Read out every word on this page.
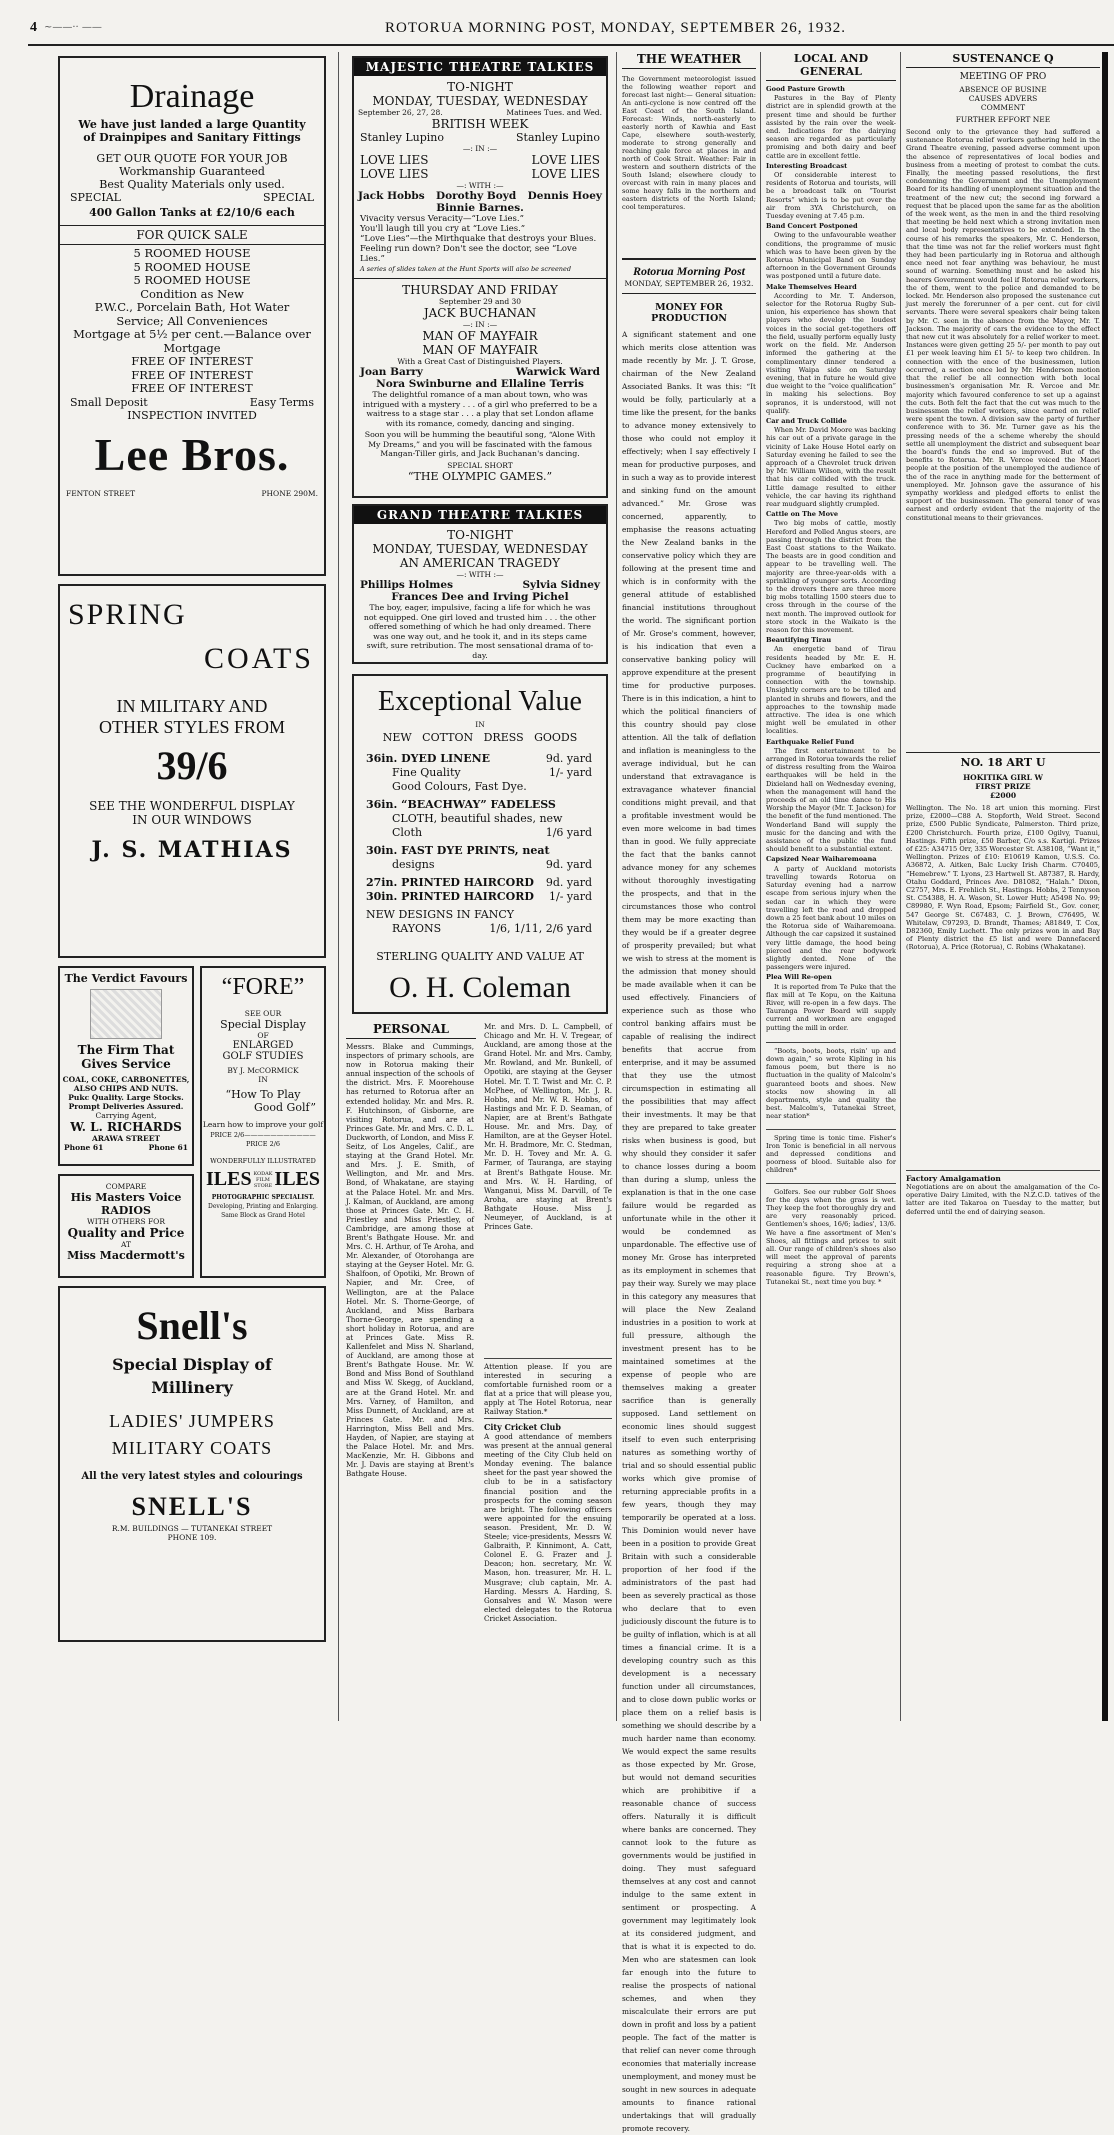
4 ~——·· ——	ROTORUA MORNING POST, MONDAY, SEPTEMBER 26, 1932.
Drainage
We have just landed a large Quantity
of Drainpipes and Sanitary Fittings
GET OUR QUOTE FOR YOUR JOB
Workmanship Guaranteed
Best Quality Materials only used.
SPECIAL	SPECIAL
400 Gallon Tanks at £2/10/6 each
FOR QUICK SALE
5 ROOMED HOUSE
5 ROOMED HOUSE
5 ROOMED HOUSE
Condition as New
P.W.C., Porcelain Bath, Hot Water
Service; All Conveniences
Mortgage at 5½ per cent.—Balance over
Mortgage
FREE OF INTEREST
FREE OF INTEREST
FREE OF INTEREST
Small Deposit	Easy Terms
INSPECTION INVITED
Lee Bros.
FENTON STREET	PHONE 290M.
SPRING
COATS
IN MILITARY AND
OTHER STYLES FROM
39/6
SEE THE WONDERFUL DISPLAY
IN OUR WINDOWS
J. S. MATHIAS
The Verdict Favours
The Firm That
Gives Service
COAL, COKE, CARBONETTES,
ALSO CHIPS AND NUTS.
Pukc Quality. Large Stocks.
Prompt Deliveries Assured.
Carrying Agent,
W. L. RICHARDS
ARAWA STREET
Phone 61	Phone 61
COMPARE
His Masters Voice
RADIOS
WITH OTHERS FOR
Quality and Price
AT
Miss Macdermott's
“FORE”
SEE OUR
Special Display
OF
ENLARGED
GOLF STUDIES
BY J. McCORMICK
IN
“How To Play
Good Golf”
Learn how to improve your golf
PRICE 2/6———————————PRICE 2/6
WONDERFULLY ILLUSTRATED
ILES KODAK FILM STORE ILES
PHOTOGRAPHIC SPECIALIST.
Developing, Printing and Enlarging.
Same Block as Grand Hotel
Snell's
Special Display of
Millinery
LADIES' JUMPERS
MILITARY COATS
All the very latest styles and colourings
SNELL'S
R.M. BUILDINGS — TUTANEKAI STREET
PHONE 109.
MAJESTIC THEATRE TALKIES
TO-NIGHT
MONDAY, TUESDAY, WEDNESDAY
September 26, 27, 28.	Matinees Tues. and Wed.
BRITISH WEEK
Stanley Lupino	Stanley Lupino
—: IN :—
LOVE LIES	LOVE LIES
LOVE LIES	LOVE LIES
—: WITH :—
Jack Hobbs Dorothy Boyd Dennis Hoey
Binnie Barnes.
Vivacity versus Veracity—“Love Lies.”
You'll laugh till you cry at “Love Lies.”
“Love Lies”—the Mirthquake that destroys your Blues.
Feeling run down? Don't see the doctor, see “Love Lies.”
A series of slides taken at the Hunt Sports will also be screened
THURSDAY AND FRIDAY
September 29 and 30
JACK BUCHANAN
—: IN :—
MAN OF MAYFAIR
MAN OF MAYFAIR
With a Great Cast of Distinguished Players.
Joan Barry	Warwick Ward
Nora Swinburne and Ellaline Terris
The delightful romance of a man about town, who was intrigued with a mystery . . . of a girl who preferred to be a waitress to a stage star . . . a play that set London aflame with its romance, comedy, dancing and singing.
Soon you will be humming the beautiful song, “Alone With My Dreams,” and you will be fascinated with the famous Mangan-Tiller girls, and Jack Buchanan's dancing.
SPECIAL SHORT
“THE OLYMPIC GAMES.”
GRAND THEATRE TALKIES
TO-NIGHT
MONDAY, TUESDAY, WEDNESDAY
AN AMERICAN TRAGEDY
—: WITH :—
Phillips Holmes	Sylvia Sidney
Frances Dee and Irving Pichel
The boy, eager, impulsive, facing a life for which he was not equipped. One girl loved and trusted him . . . the other offered something of which he had only dreamed. There was one way out, and he took it, and in its steps came swift, sure retribution. The most sensational drama of to-day.
Exceptional Value
IN
NEW   COTTON   DRESS   GOODS
36in. DYED LINENE	9d. yard
Fine Quality	1/- yard
Good Colours, Fast Dye.
36in. “BEACHWAY” FADELESS
CLOTH, beautiful shades, new
Cloth	1/6 yard
30in. FAST DYE PRINTS, neat
designs	9d. yard
27in. PRINTED HAIRCORD 9d. yard
30in. PRINTED HAIRCORD 1/- yard
NEW DESIGNS IN FANCY
RAYONS	1/6, 1/11, 2/6 yard
STERLING QUALITY AND VALUE AT
O. H. Coleman
PERSONAL
Messrs. Blake and Cummings, inspectors of primary schools, are now in Rotorua making their annual inspection of the schools of the district. Mrs. F. Moorehouse has returned to Rotorua after an extended holiday. Mr. and Mrs. R. F. Hutchinson, of Gisborne, are visiting Rotorua, and are at Princes Gate. Mr. and Mrs. C. D. L. Duckworth, of London, and Miss F. Seitz, of Los Angeles, Calif., are staying at the Grand Hotel. Mr. and Mrs. J. E. Smith, of Wellington, and Mr. and Mrs. Bond, of Whakatane, are staying at the Palace Hotel. Mr. and Mrs. J. Kalman, of Auckland, are among those at Princes Gate. Mr. C. H. Priestley and Miss Priestley, of Cambridge, are among those at Brent's Bathgate House. Mr. and Mrs. C. H. Arthur, of Te Aroha, and Mr. Alexander, of Otorohanga are staying at the Geyser Hotel. Mr. G. Shalfoon, of Opotiki, Mr. Brown of Napier, and Mr. Cree, of Wellington, are at the Palace Hotel. Mr. S. Thorne-George, of Auckland, and Miss Barbara Thorne-George, are spending a short holiday in Rotorua, and are at Princes Gate. Miss R. Kallenfelet and Miss N. Sharland, of Auckland, are among those at Brent's Bathgate House. Mr. W. Bond and Miss Bond of Southland and Miss W. Skegg, of Auckland, are at the Grand Hotel. Mr. and Mrs. Varney, of Hamilton, and Miss Dunnett, of Auckland, are at Princes Gate. Mr. and Mrs. Harrington, Miss Bell and Mrs. Hayden, of Napier, are staying at the Palace Hotel. Mr. and Mrs. MacKenzie, Mr. H. Gibbons and Mr. J. Davis are staying at Brent's Bathgate House.
Mr. and Mrs. D. L. Campbell, of Chicago and Mr. H. V. Tregear, of Auckland, are among those at the Grand Hotel. Mr. and Mrs. Camby, Mr. Rowland, and Mr. Bunkell, of Opotiki, are staying at the Geyser Hotel. Mr. T. T. Twist and Mr. C. P. McPhee, of Wellington, Mr. J. R. Hobbs, and Mr. W. R. Hobbs, of Hastings and Mr. F. D. Seaman, of Napier, are at Brent's Bathgate House. Mr. and Mrs. Day, of Hamilton, are at the Geyser Hotel. Mr. H. Bradmore, Mr. C. Stedman, Mr. D. H. Tovey and Mr. A. G. Farmer, of Tauranga, are staying at Brent's Bathgate House. Mr. and Mrs. W. H. Harding, of Wanganui, Miss M. Darvill, of Te Aroha, are staying at Brent's Bathgate House. Miss J. Neumeyer, of Auckland, is at Princes Gate.
Attention please. If you are interested in securing a comfortable furnished room or a flat at a price that will please you, apply at The Hotel Rotorua, near Railway Station.*
City Cricket Club
A good attendance of members was present at the annual general meeting of the City Club held on Monday evening. The balance sheet for the past year showed the club to be in a satisfactory financial position and the prospects for the coming season are bright. The following officers were appointed for the ensuing season. President, Mr. D. W. Steele; vice-presidents, Messrs W. Galbraith, P. Kinnimont, A. Catt, Colonel E. G. Frazer and J. Deacon; hon. secretary, Mr. W. Mason, hon. treasurer, Mr. H. L. Musgrave; club captain, Mr. A. Harding. Messrs A. Harding, S. Gonsalves and W. Mason were elected delegates to the Rotorua Cricket Association.
THE WEATHER
The Government meteorologist issued the following weather report and forecast last night:— General situation: An anti-cyclone is now centred off the East Coast of the South Island. Forecast: Winds, north-easterly to easterly north of Kawhia and East Cape, elsewhere south-westerly, moderate to strong generally and reaching gale force at places in and north of Cook Strait. Weather: Fair in western and southern districts of the South Island; elsewhere cloudy to overcast with rain in many places and some heavy falls in the northern and eastern districts of the North Island; cool temperatures.
Rotorua Morning Post
MONDAY, SEPTEMBER 26, 1932.
MONEY FOR PRODUCTION
A significant statement and one which merits close attention was made recently by Mr. J. T. Grose, chairman of the New Zealand Associated Banks. It was this: “It would be folly, particularly at a time like the present, for the banks to advance money extensively to those who could not employ it effectively; when I say effectively I mean for productive purposes, and in such a way as to provide interest and sinking fund on the amount advanced.” Mr. Grose was concerned, apparently, to emphasise the reasons actuating the New Zealand banks in the conservative policy which they are following at the present time and which is in conformity with the general attitude of established financial institutions throughout the world. The significant portion of Mr. Grose's comment, however, is his indication that even a conservative banking policy will approve expenditure at the present time for productive purposes. There is in this indication, a hint to which the political financiers of this country should pay close attention. All the talk of deflation and inflation is meaningless to the average individual, but he can understand that extravagance is extravagance whatever financial conditions might prevail, and that a profitable investment would be even more welcome in bad times than in good. We fully appreciate the fact that the banks cannot advance money for any schemes without thoroughly investigating the prospects, and that in the circumstances those who control them may be more exacting than they would be if a greater degree of prosperity prevailed; but what we wish to stress at the moment is the admission that money should be made available when it can be used effectively. Financiers of experience such as those who control banking affairs must be capable of realising the indirect benefits that accrue from enterprise, and it may be assumed that they use the utmost circumspection in estimating all the possibilities that may affect their investments. It may be that they are prepared to take greater risks when business is good, but why should they consider it safer to chance losses during a boom than during a slump, unless the explanation is that in the one case failure would be regarded as unfortunate while in the other it would be condemned as unpardonable. The effective use of money Mr. Grose has interpreted as its employment in schemes that pay their way. Surely we may place in this category any measures that will place the New Zealand industries in a position to work at full pressure, although the investment present has to be maintained sometimes at the expense of people who are themselves making a greater sacrifice than is generally supposed. Land settlement on economic lines should suggest itself to even such enterprising natures as something worthy of trial and so should essential public works which give promise of returning appreciable profits in a few years, though they may temporarily be operated at a loss. This Dominion would never have been in a position to provide Great Britain with such a considerable proportion of her food if the administrators of the past had been as severely practical as those who declare that to even judiciously discount the future is to be guilty of inflation, which is at all times a financial crime. It is a developing country such as this development is a necessary function under all circumstances, and to close down public works or place them on a relief basis is something we should describe by a much harder name than economy. We would expect the same results as those expected by Mr. Grose, but would not demand securities which are prohibitive if a reasonable chance of success offers. Naturally it is difficult where banks are concerned. They cannot look to the future as governments would be justified in doing. They must safeguard themselves at any cost and cannot indulge to the same extent in sentiment or prospecting. A government may legitimately look at its considered judgment, and that is what it is expected to do. Men who are statesmen can look far enough into the future to realise the prospects of national schemes, and when they miscalculate their errors are put down in profit and loss by a patient people. The fact of the matter is that relief can never come through economies that materially increase unemployment, and money must be sought in new sources in adequate amounts to finance rational undertakings that will gradually promote recovery.
LOCAL AND GENERAL

Good Pasture Growth

Pastures in the Bay of Plenty district are in splendid growth at the present time and should be further assisted by the rain over the week-end. Indications for the dairying season are regarded as particularly promising and both dairy and beef cattle are in excellent fettle.

Interesting Broadcast

Of considerable interest to residents of Rotorua and tourists, will be a broadcast talk on “Tourist Resorts” which is to be put over the air from 3YA Christchurch, on Tuesday evening at 7.45 p.m.

Band Concert Postponed

Owing to the unfavourable weather conditions, the programme of music which was to have been given by the Rotorua Municipal Band on Sunday afternoon in the Government Grounds was postponed until a future date.

Make Themselves Heard

According to Mr. T. Anderson, selector for the Rotorua Rugby Sub-union, his experience has shown that players who develop the loudest voices in the social get-togethers off the field, usually perform equally lusty work on the field. Mr. Anderson informed the gathering at the complimentary dinner tendered a visiting Waipa side on Saturday evening, that in future he would give due weight to the “voice qualification” in making his selections. Boy sopranos, it is understood, will not qualify.

Car and Truck Collide

When Mr. David Moore was backing his car out of a private garage in the vicinity of Lake House Hotel early on Saturday evening he failed to see the approach of a Chevrolet truck driven by Mr. William Wilson, with the result that his car collided with the truck. Little damage resulted to either vehicle, the car having its righthand rear mudguard slightly crumpled.

Cattle on The Move

Two big mobs of cattle, mostly Hereford and Polled Angus steers, are passing through the district from the East Coast stations to the Waikato. The beasts are in good condition and appear to be travelling well. The majority are three-year-olds with a sprinkling of younger sorts. According to the drovers there are three more big mobs totalling 1500 steers due to cross through in the course of the next month. The improved outlook for store stock in the Waikato is the reason for this movement.

Beautifying Tirau

An energetic band of Tirau residents headed by Mr. E. H. Cuckney have embarked on a programme of beautifying in connection with the township. Unsightly corners are to be tilled and planted in shrubs and flowers, and the approaches to the township made attractive. The idea is one which might well be emulated in other localities.

Earthquake Relief Fund

The first entertainment to be arranged in Rotorua towards the relief of distress resulting from the Wairoa earthquakes will be held in the Dixieland hall on Wednesday evening, when the management will hand the proceeds of an old time dance to His Worship the Mayor (Mr. T. Jackson) for the benefit of the fund mentioned. The Wonderland Band will supply the music for the dancing and with the assistance of the public the fund should benefit to a substantial extent.

Capsized Near Waiharemoana

A party of Auckland motorists travelling towards Rotorua on Saturday evening had a narrow escape from serious injury when the sedan car in which they were travelling left the road and dropped down a 25 feet bank about 10 miles on the Rotorua side of Waiharemoana. Although the car capsized it sustained very little damage, the hood being pierced and the rear bodywork slightly dented. None of the passengers were injured.

Plea Will Re-open

It is reported from Te Puke that the flax mill at Te Kopu, on the Kaituna River, will re-open in a few days. The Tauranga Power Board will supply current and workmen are engaged putting the mill in order.

“Boots, boots, boots, risin' up and down again,” so wrote Kipling in his famous poem, but there is no fluctuation in the quality of Malcolm's guaranteed boots and shoes. New stocks now showing in all departments, style and quality the best. Malcolm's, Tutanekai Street, near station*

Spring time is tonic time. Fisher's Iron Tonic is beneficial in all nervous and depressed conditions and poorness of blood. Suitable also for children*

Golfers. See our rubber Golf Shoes for the days when the grass is wet. They keep the foot thoroughly dry and are very reasonably priced. Gentlemen's shoes, 16/6; ladies', 13/6. We have a fine assortment of Men's Shoes, all fittings and prices to suit all. Our range of children's shoes also will meet the approval of parents requiring a strong shoe at a reasonable figure. Try Brown's, Tutanekai St., next time you buy. *

SUSTENANCE Q
MEETING OF PRO
ABSENCE OF BUSINE
CAUSES ADVERS
COMMENT
FURTHER EFFORT NEE
Second only to the grievance they had suffered a sustenance Rotorua relief workers gathering held in the Grand Theatre evening, passed adverse comment upon the absence of representatives of local bodies and business from a meeting of protest to combat the cuts. Finally, the meeting passed resolutions, the first condemning the Government and the Unemployment Board for its handling of unemployment situation and the treatment of the new cut; the second ing forward a request that be placed upon the same far as the abolition of the week went, as the men in and the third resolving that meeting be held next which a strong invitation men and local body representatives to be extended. In the course of his remarks the speakers, Mr. C. Henderson, that the time was not far the relief workers must fight they had been particularly ing in Rotorua and although ence need not fear anything was behaviour, he must sound of warning. Something must and he asked his hearers Government would feel if Rotorua relief workers, the of them, went to the police and demanded to be locked. Mr. Henderson also proposed the sustenance cut just merely the forerunner of a per cent. cut for civil servants. There were several speakers chair being taken by Mr. C. seen in the absence from the Mayor, Mr. T. Jackson. The majority of cars the evidence to the effect that new cut it was absolutely for a relief worker to meet. Instances were given getting 25 5/- per month to pay out £1 per week leaving him £1 5/- to keep two children. In connection with the ence of the businessmen, lution occurred, a section once led by Mr. Henderson motion that the relief be all connection with both local businessmen's organisation Mr. R. Vercoe and Mr. majority which favoured conference to set up a against the cuts. Both felt the fact that the cut was much to the businessmen the relief workers, since earned on relief were spent the town. A division saw the party of further conference with to 36. Mr. Turner gave as his the pressing needs of the a scheme whereby the should settle all unemployment the district and subsequent bear the board's funds the end so improved. But of the benefits to Rotorua. Mr. R. Vercoe voiced the Maori people at the position of the unemployed the audience of the of the race in anything made for the betterment of unemployed. Mr. Johnson gave the assurance of his sympathy workless and pledged efforts to enlist the support of the businessmen. The general tenor of was earnest and orderly evident that the majority of the constitutional means to their grievances.
NO. 18 ART U
HOKITIKA GIRL W
FIRST PRIZE
£2000
Wellington. The No. 18 art union this morning. First prize, £2000—C88 A. Stopforth, Weld Street. Second prize, £500 Public Syndicate, Palmerston. Third prize, £200 Christchurch. Fourth prize, £100 Ogilvy, Tuanui, Hastings. Fifth prize, £50 Barber, C/o s.s. Kartigi. Prizes of £25: A34715 Orr, 335 Worcester St. A38108, “Want it,” Wellington. Prizes of £10: E10619 Kamon, U.S.S. Co. A36872, A. Aitken, Balc Lucky Irish Charm. C70405, “Hemebrew.” T. Lyons, 23 Hartwell St. A87387, R. Hardy, Otahu Goddard, Princes Ave. D81082, “Halah.” Dixon, C2757, Mrs. E. Frehlich St., Hastings. Hobbs, 2 Tennyson St. C54388, H. A. Wason, St. Lower Hutt; A5498 No. 99; C89980, F. Wyn Road, Epsom; Fairfield St., Gov. coner, 547 George St. C67483, C. J. Brown, C76495, W. Whitelaw, C97293, D. Brandt, Thames; A81849, T. Cox, D82360, Emily Luchett. The only prizes won in and Bay of Plenty district the £5 list and were Dannefacerd (Rotorua), A. Price (Rotorua), C. Robins (Whakatane).
Factory Amalgamation
Negotiations are on about the amalgamation of the Co-operative Dairy Limited, with the N.Z.C.D. tatives of the latter are ited Takaroa on Tuesday to the matter, but deferred until the end of dairying season.
